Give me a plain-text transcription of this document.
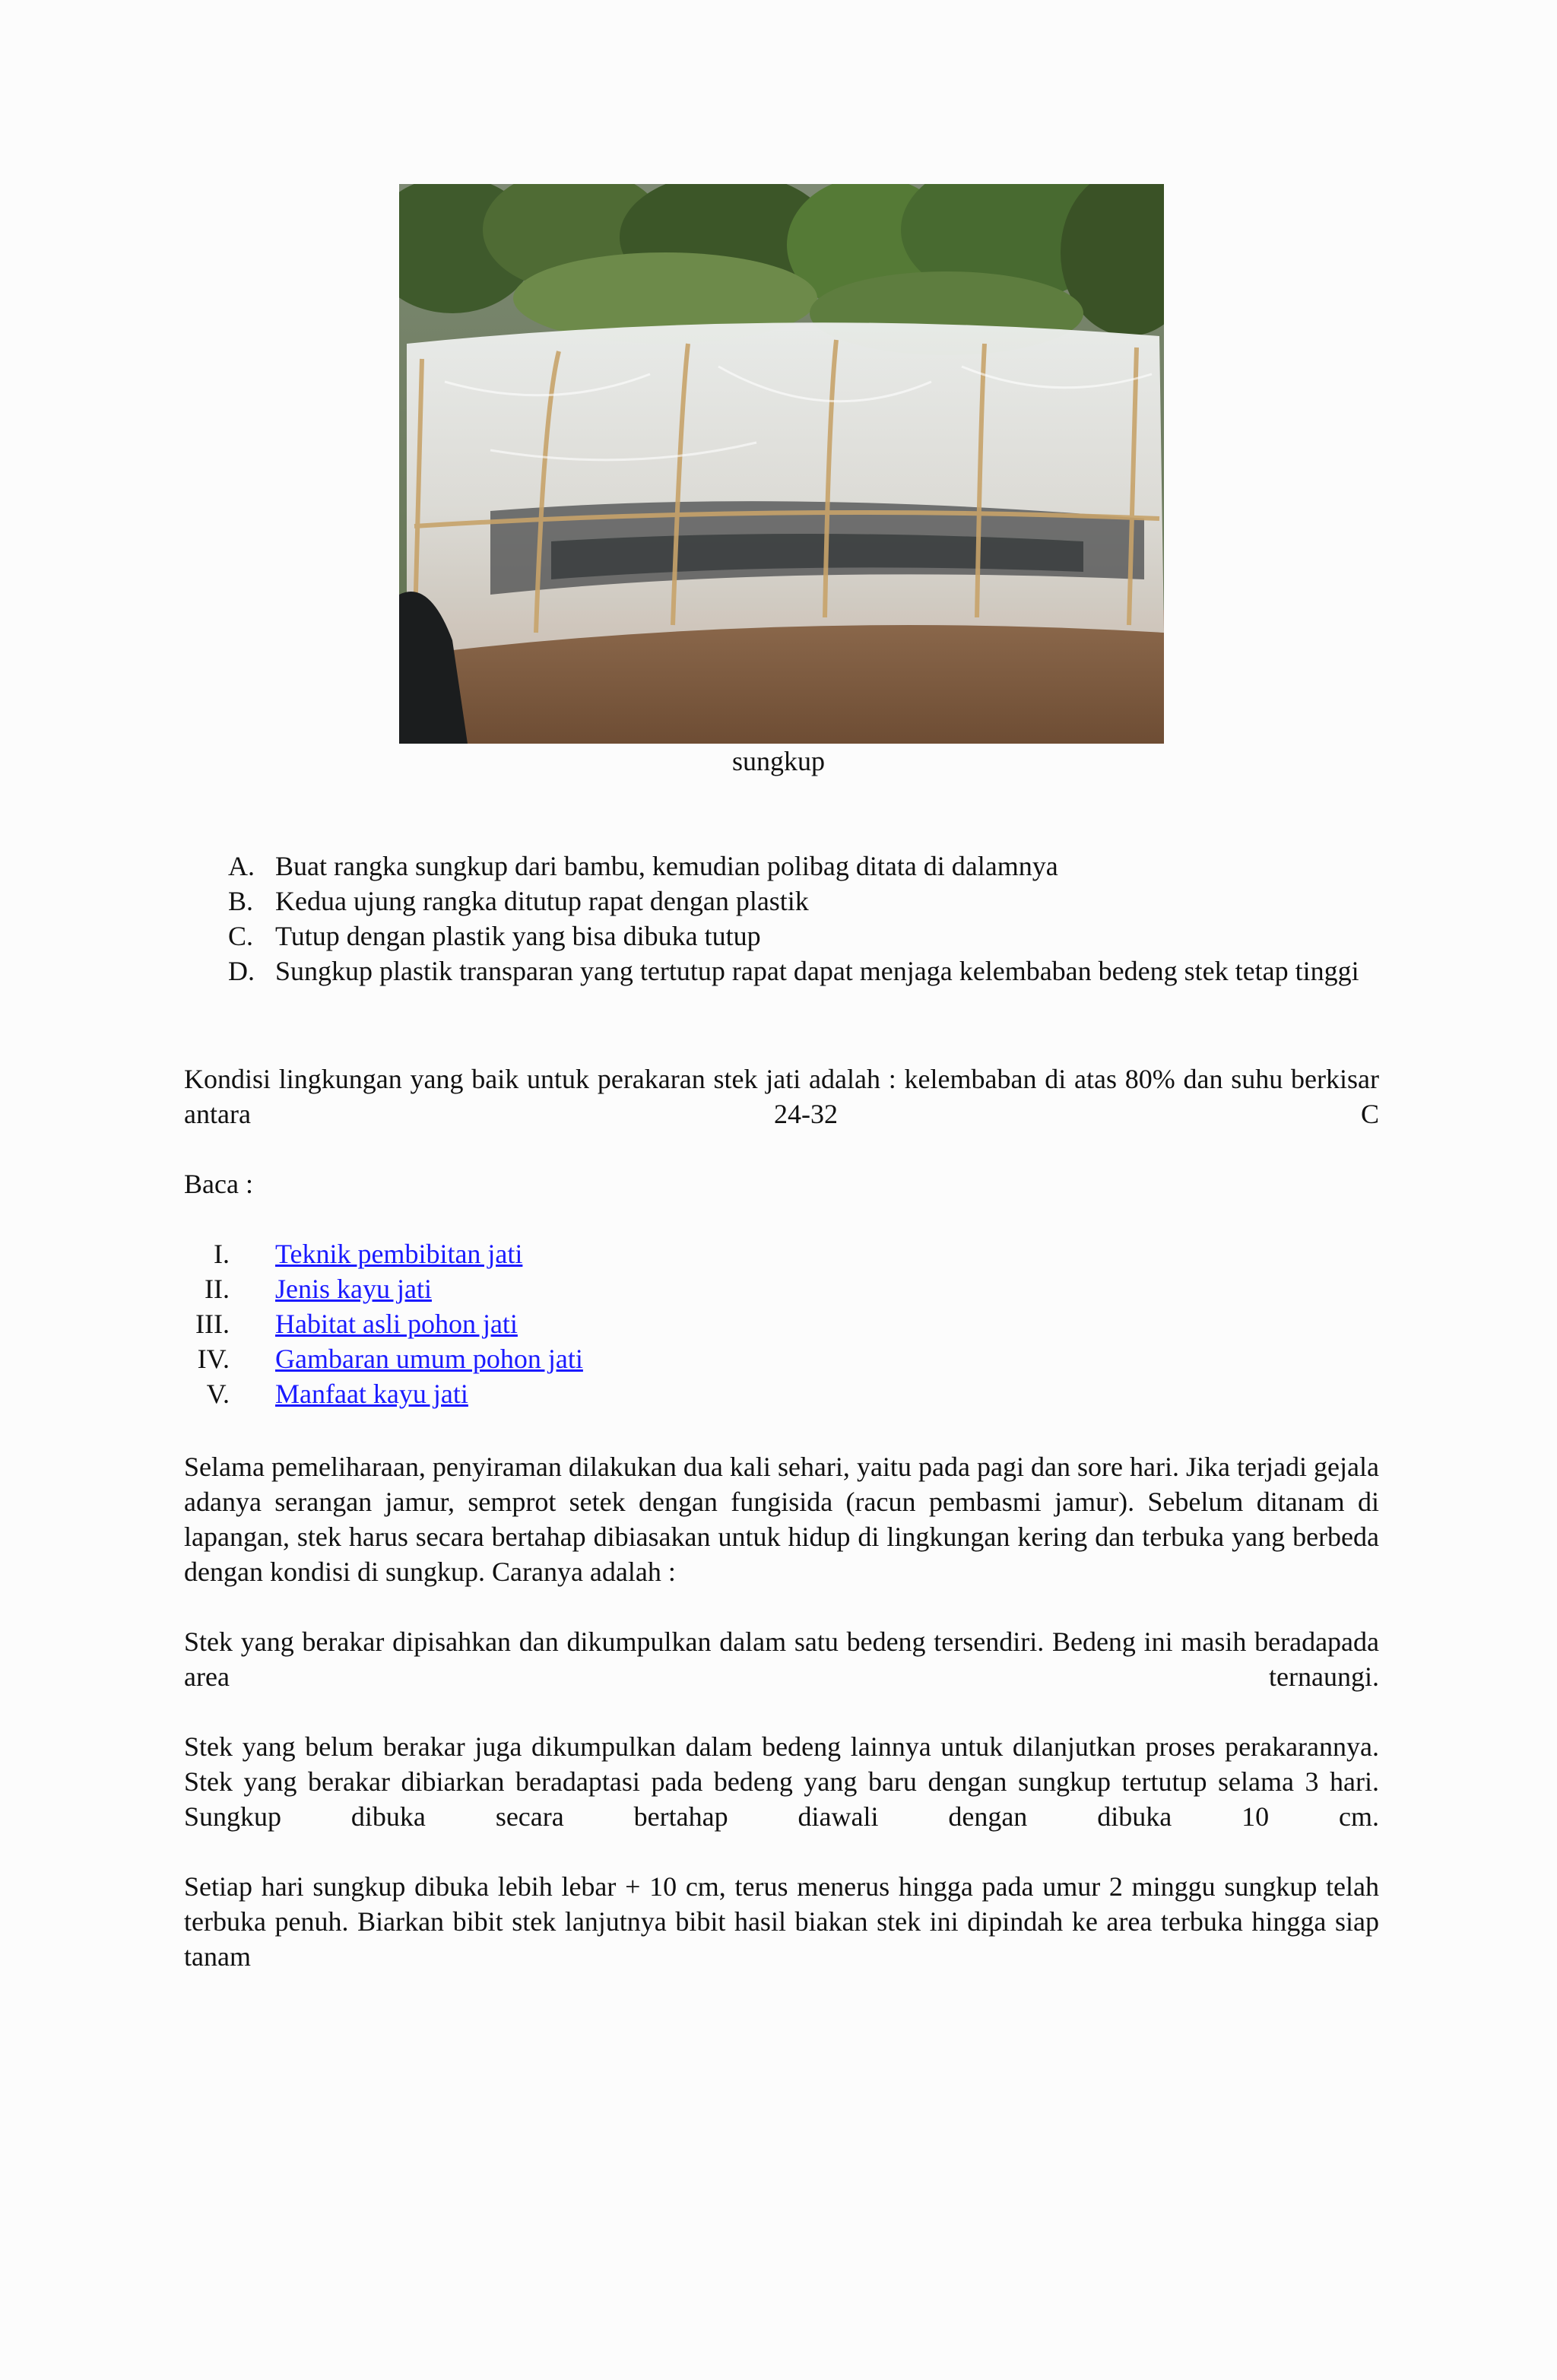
sungkup
A. Buat rangka sungkup dari bambu, kemudian polibag ditata di dalamnya
B. Kedua ujung rangka ditutup rapat dengan plastik
C. Tutup dengan plastik yang bisa dibuka tutup
D. Sungkup plastik transparan yang tertutup rapat dapat menjaga kelembaban bedeng stek tetap tinggi
Kondisi lingkungan yang baik untuk perakaran stek jati adalah : kelembaban di atas 80% dan suhu berkisar antara 24-32 C
Baca :
I. Teknik pembibitan jati
II. Jenis kayu jati
III. Habitat asli pohon jati
IV. Gambaran umum pohon jati
V. Manfaat kayu jati
Selama pemeliharaan, penyiraman dilakukan dua kali sehari, yaitu pada pagi dan sore hari. Jika terjadi gejala adanya serangan jamur, semprot setek dengan fungisida (racun pembasmi jamur). Sebelum ditanam di lapangan, stek harus secara bertahap dibiasakan untuk hidup di lingkungan kering dan terbuka yang berbeda dengan kondisi di sungkup. Caranya adalah :
Stek yang berakar dipisahkan dan dikumpulkan dalam satu bedeng tersendiri. Bedeng ini masih beradapada area ternaungi.
Stek yang belum berakar juga dikumpulkan dalam bedeng lainnya untuk dilanjutkan proses perakarannya. Stek yang berakar dibiarkan beradaptasi pada bedeng yang baru dengan sungkup tertutup selama 3 hari. Sungkup dibuka secara bertahap diawali dengan dibuka 10 cm.
Setiap hari sungkup dibuka lebih lebar + 10 cm, terus menerus hingga pada umur 2 minggu sungkup telah terbuka penuh. Biarkan bibit stek lanjutnya bibit hasil biakan stek ini dipindah ke area terbuka hingga siap tanam
